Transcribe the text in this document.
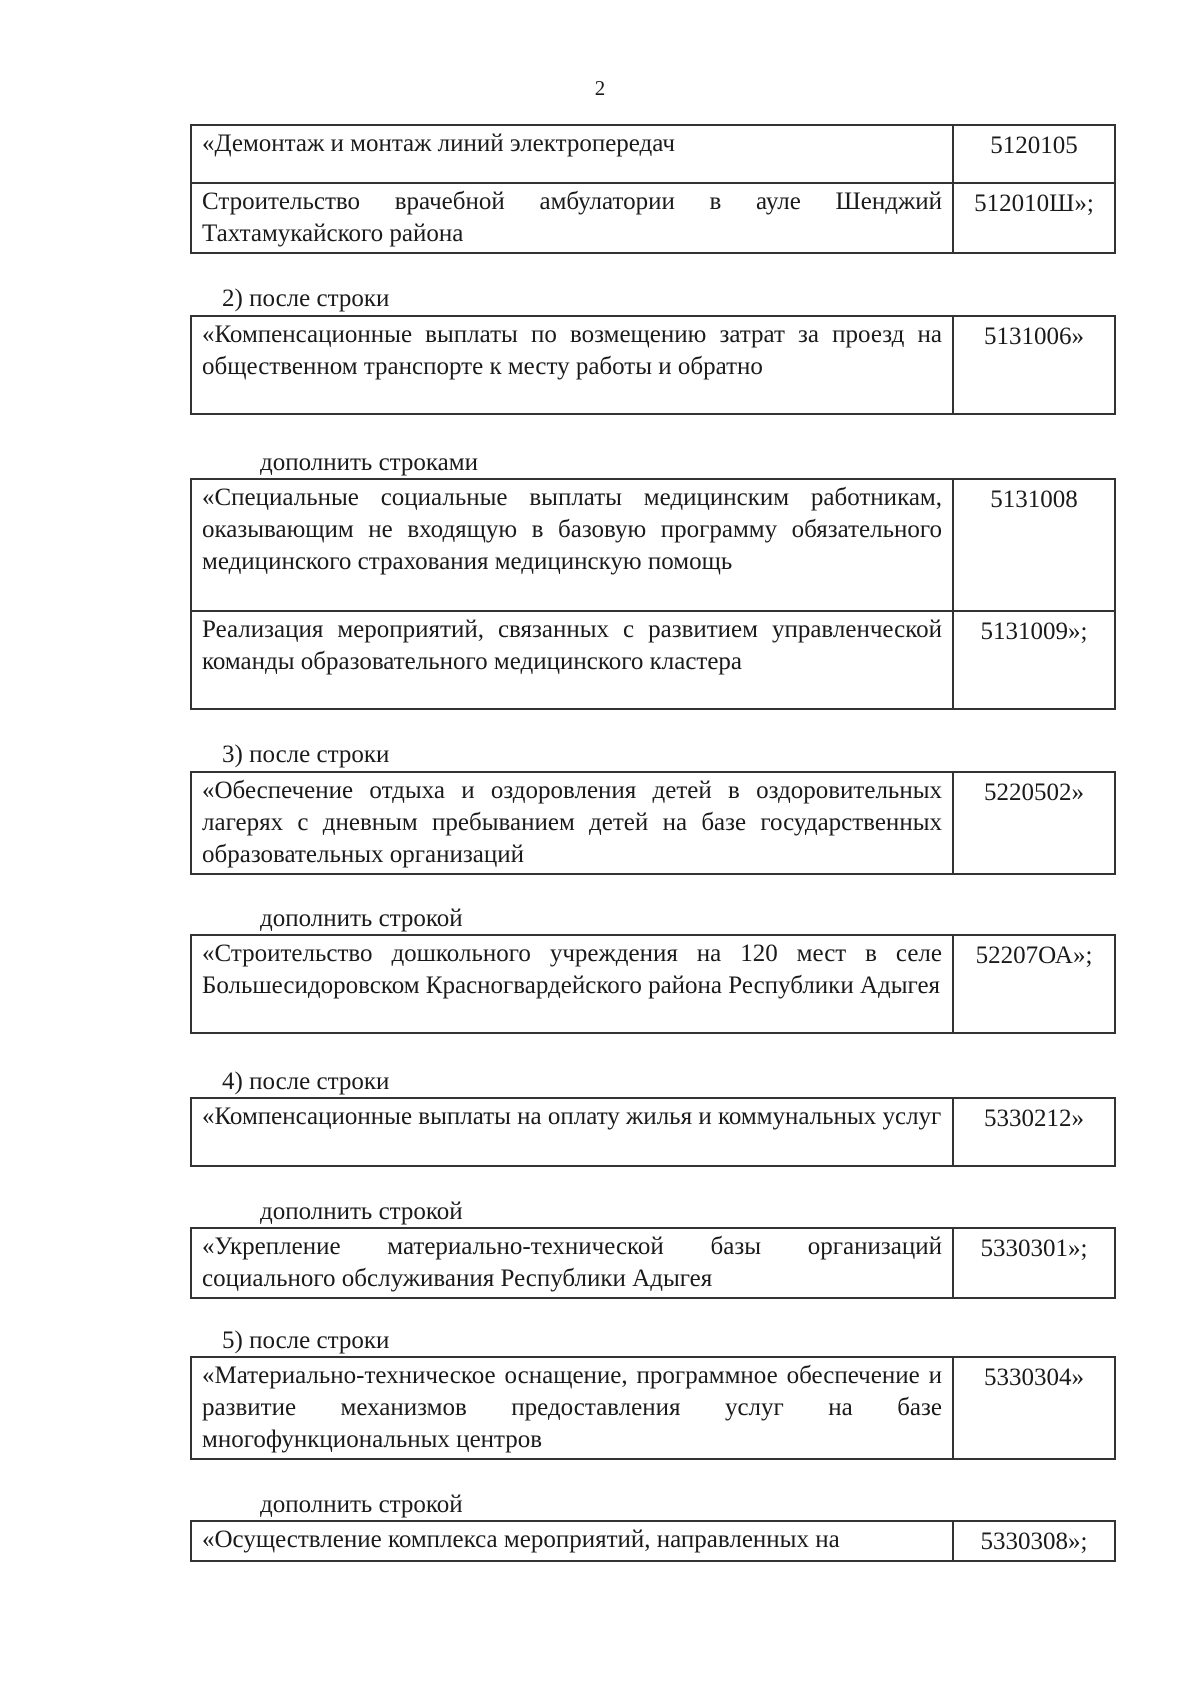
2
«Демонтаж и монтаж линий электропередач	5120105
Строительство врачебной амбулатории в ауле Шенджий Тахтамукайского района	512010Ш»;
2) после строки
«Компенсационные выплаты по возмещению затрат за проезд на общественном транспорте к месту работы и обратно	5131006»
дополнить строками
«Специальные социальные выплаты медицинским работникам, оказывающим не входящую в базовую программу обязательного медицинского страхования медицинскую помощь	5131008
Реализация мероприятий, связанных с развитием управленческой команды образовательного медицинского кластера	5131009»;
3) после строки
«Обеспечение отдыха и оздоровления детей в оздоровительных лагерях с дневным пребыванием детей на базе государственных образовательных организаций	5220502»
дополнить строкой
«Строительство дошкольного учреждения на 120 мест в селе Большесидоровском Красногвардейского района Республики Адыгея	52207ОА»;
4) после строки
«Компенсационные выплаты на оплату жилья и коммунальных услуг	5330212»
дополнить строкой
«Укрепление материально-технической базы организаций социального обслуживания Республики Адыгея	5330301»;
5) после строки
«Материально-техническое оснащение, программное обеспечение и развитие механизмов предоставления услуг на базе многофункциональных центров	5330304»
дополнить строкой
«Осуществление комплекса мероприятий, направленных на	5330308»;
